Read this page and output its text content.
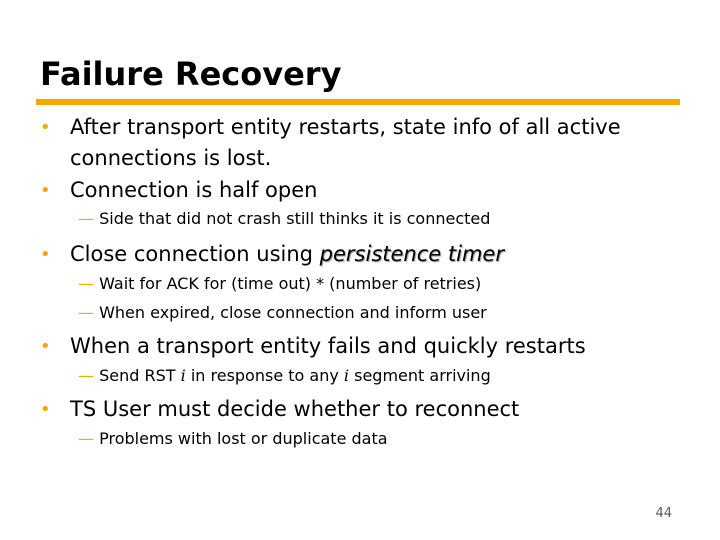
Failure Recovery
• After transport entity restarts, state info of all active
connections is lost.
• Connection is half open
— Side that did not crash still thinks it is connected
• Close connection using persistence timer
— Wait for ACK for (time out) * (number of retries)
— When expired, close connection and inform user
• When a transport entity fails and quickly restarts
— Send RST i in response to any i segment arriving
• TS User must decide whether to reconnect
— Problems with lost or duplicate data
44
